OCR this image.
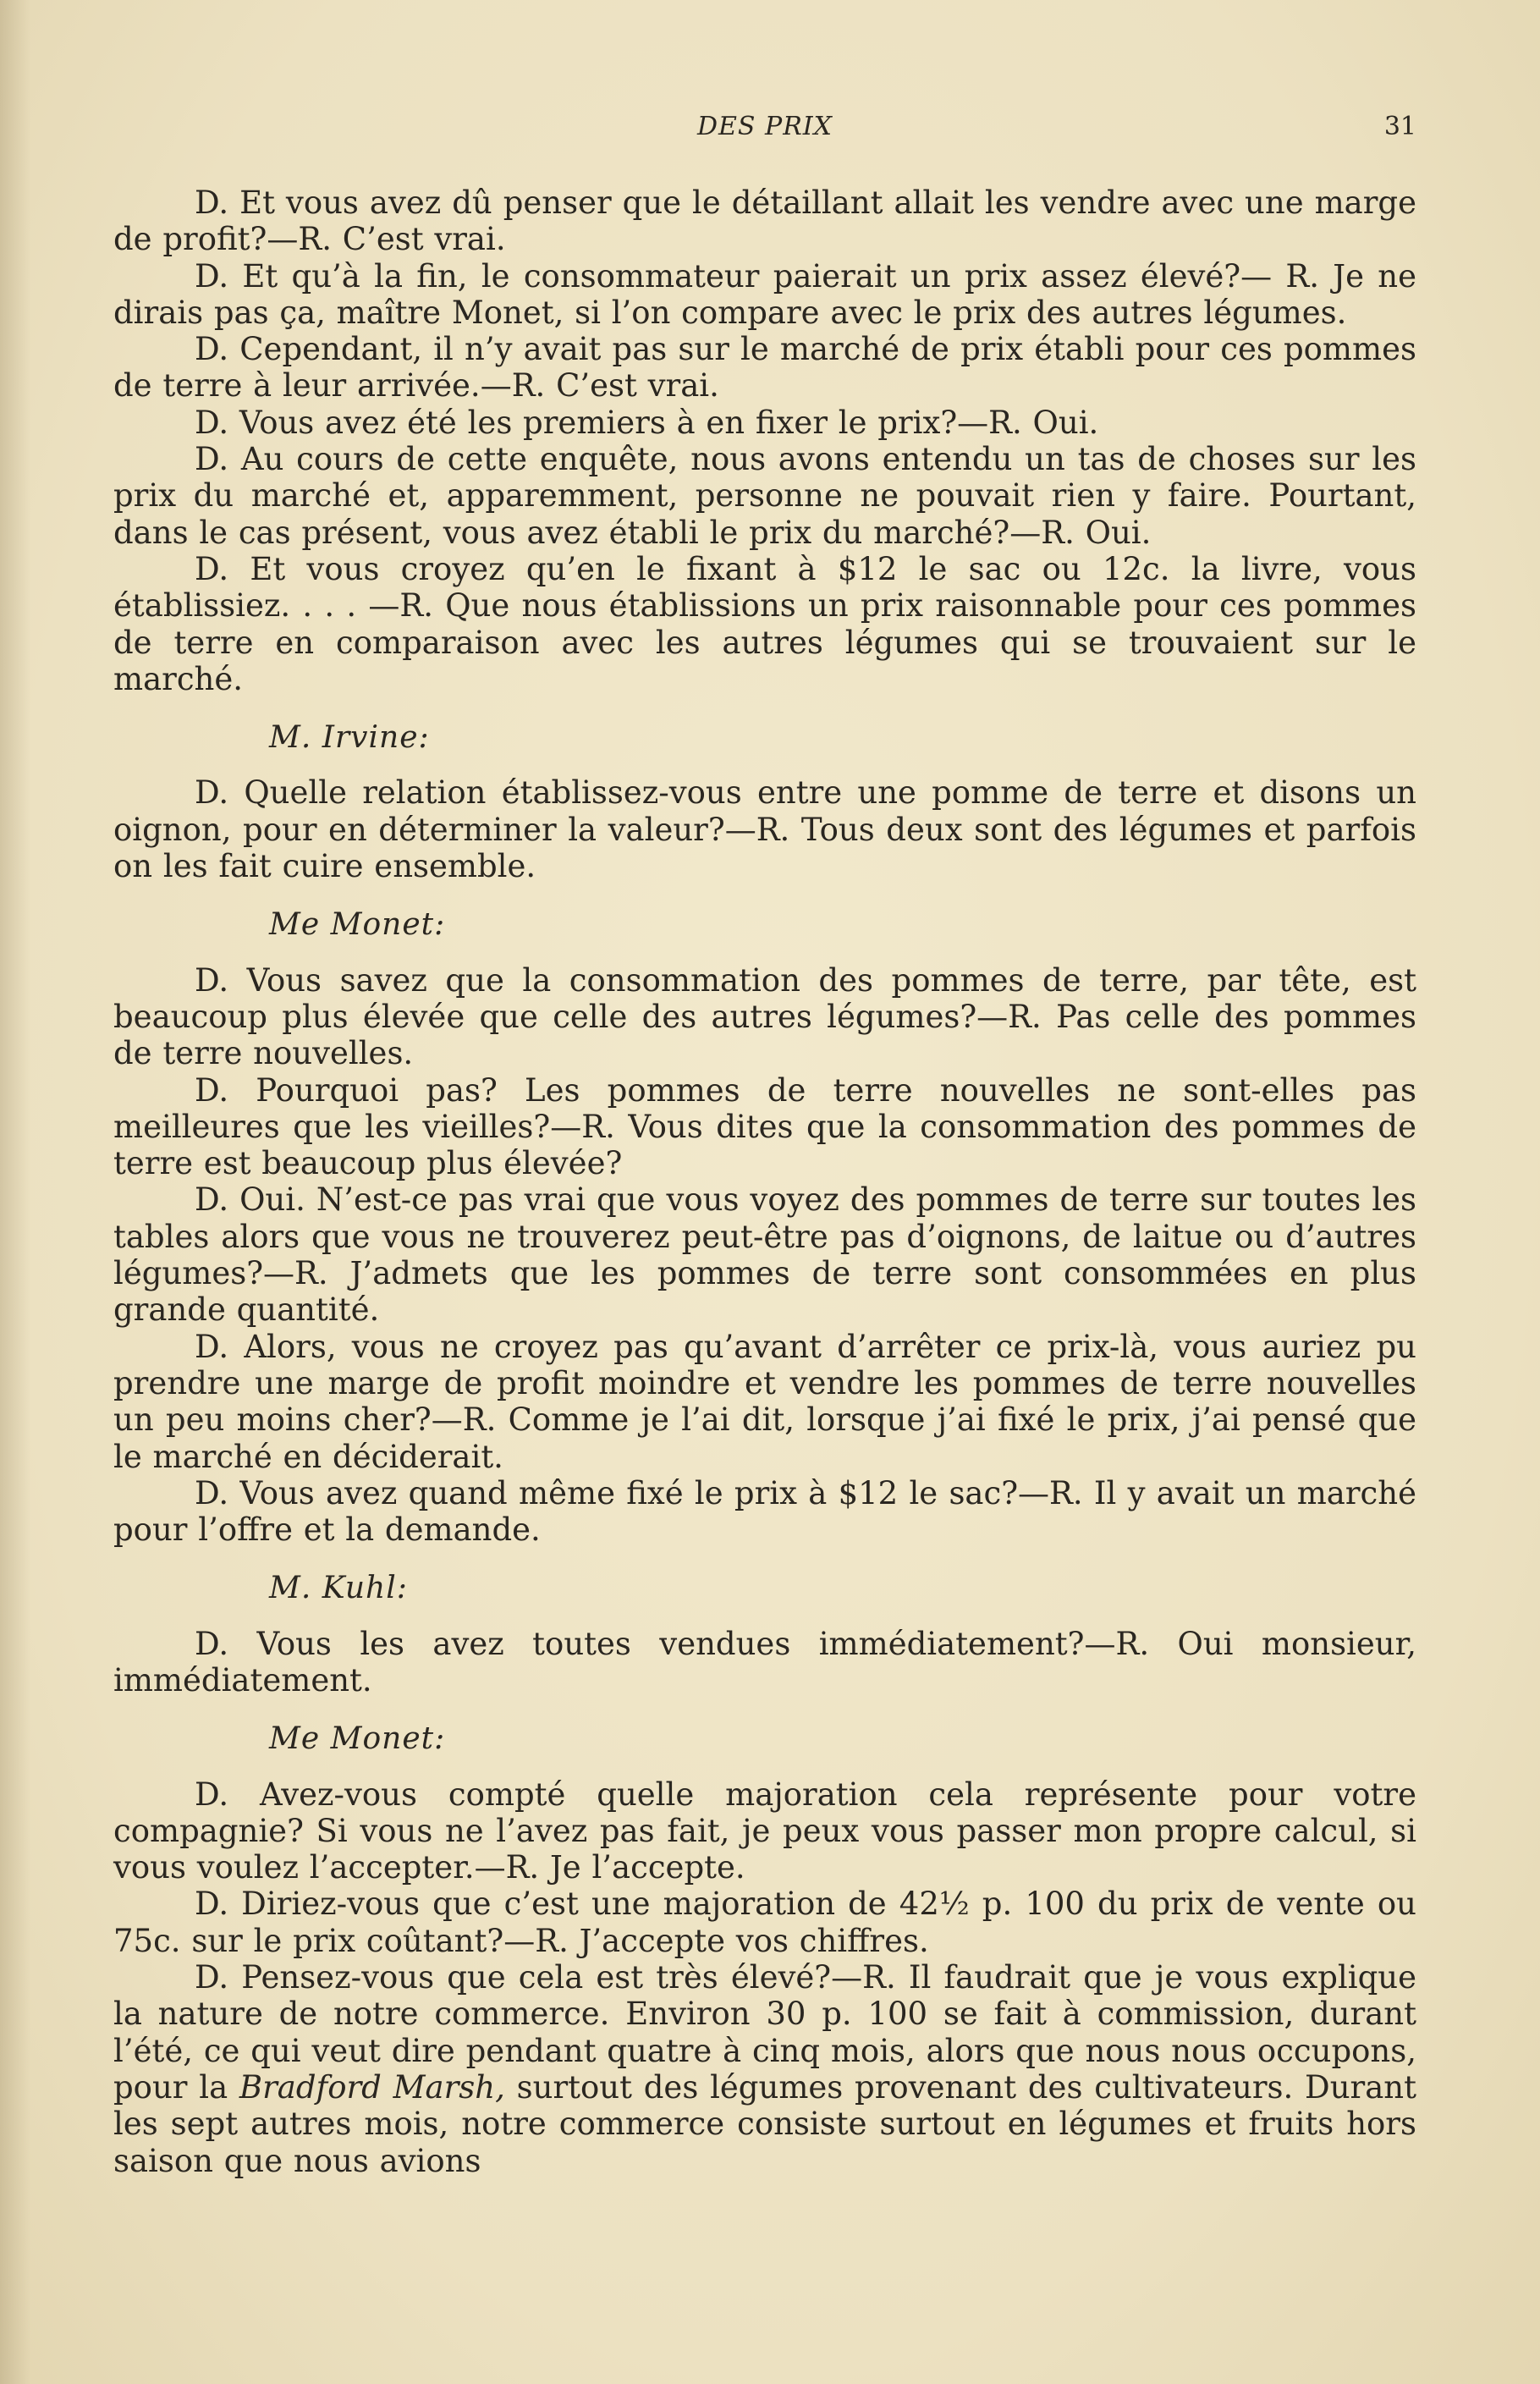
DES PRIX	31

D. Et vous avez dû penser que le détaillant allait les vendre avec une marge de profit?—R. C’est vrai.

D. Et qu’à la fin, le consommateur paierait un prix assez élevé?— R. Je ne dirais pas ça, maître Monet, si l’on compare avec le prix des autres légumes.

D. Cependant, il n’y avait pas sur le marché de prix établi pour ces pommes de terre à leur arrivée.—R. C’est vrai.

D. Vous avez été les premiers à en fixer le prix?—R. Oui.

D. Au cours de cette enquête, nous avons entendu un tas de choses sur les prix du marché et, apparemment, personne ne pouvait rien y faire. Pourtant, dans le cas présent, vous avez établi le prix du marché?—R. Oui.

D. Et vous croyez qu’en le fixant à $12 le sac ou 12c. la livre, vous établissiez. . . . —R. Que nous établissions un prix raisonnable pour ces pommes de terre en comparaison avec les autres légumes qui se trouvaient sur le marché.

M. Irvine:

D. Quelle relation établissez-vous entre une pomme de terre et disons un oignon, pour en déterminer la valeur?—R. Tous deux sont des légumes et parfois on les fait cuire ensemble.

Me Monet:

D. Vous savez que la consommation des pommes de terre, par tête, est beaucoup plus élevée que celle des autres légumes?—R. Pas celle des pommes de terre nouvelles.

D. Pourquoi pas? Les pommes de terre nouvelles ne sont-elles pas meilleures que les vieilles?—R. Vous dites que la consommation des pommes de terre est beaucoup plus élevée?

D. Oui. N’est-ce pas vrai que vous voyez des pommes de terre sur toutes les tables alors que vous ne trouverez peut-être pas d’oignons, de laitue ou d’autres légumes?—R. J’admets que les pommes de terre sont consommées en plus grande quantité.

D. Alors, vous ne croyez pas qu’avant d’arrêter ce prix-là, vous auriez pu prendre une marge de profit moindre et vendre les pommes de terre nouvelles un peu moins cher?—R. Comme je l’ai dit, lorsque j’ai fixé le prix, j’ai pensé que le marché en déciderait.

D. Vous avez quand même fixé le prix à $12 le sac?—R. Il y avait un marché pour l’offre et la demande.

M. Kuhl:

D. Vous les avez toutes vendues immédiatement?—R. Oui monsieur, immédiatement.

Me Monet:

D. Avez-vous compté quelle majoration cela représente pour votre compagnie? Si vous ne l’avez pas fait, je peux vous passer mon propre calcul, si vous voulez l’accepter.—R. Je l’accepte.

D. Diriez-vous que c’est une majoration de 42½ p. 100 du prix de vente ou 75c. sur le prix coûtant?—R. J’accepte vos chiffres.

D. Pensez-vous que cela est très élevé?—R. Il faudrait que je vous explique la nature de notre commerce. Environ 30 p. 100 se fait à commission, durant l’été, ce qui veut dire pendant quatre à cinq mois, alors que nous nous occupons, pour la Bradford Marsh, surtout des légumes provenant des cultivateurs. Durant les sept autres mois, notre commerce consiste surtout en légumes et fruits hors saison que nous avions
